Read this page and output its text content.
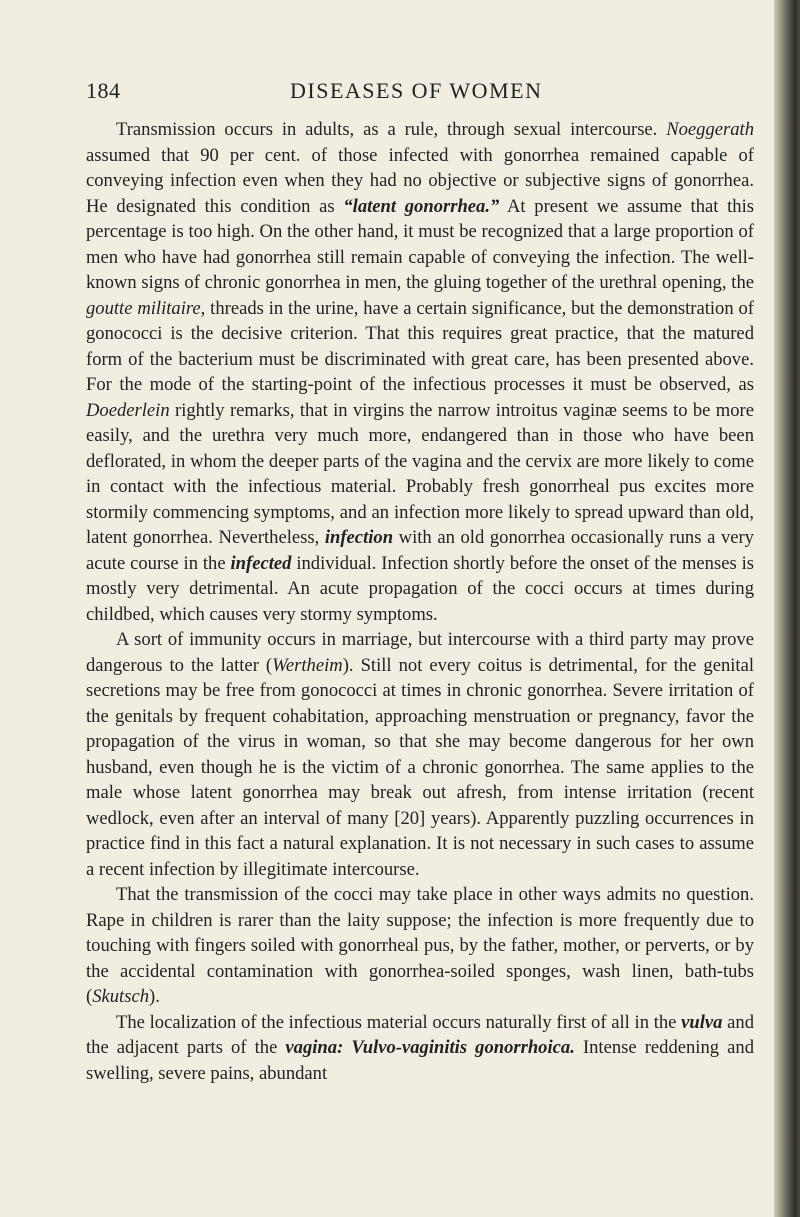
184	DISEASES OF WOMEN

Transmission occurs in adults, as a rule, through sexual intercourse. Noeggerath assumed that 90 per cent. of those infected with gonorrhea remained capable of conveying infection even when they had no objective or subjective signs of gonorrhea. He designated this condition as “latent gonorrhea.” At present we assume that this percentage is too high. On the other hand, it must be recognized that a large proportion of men who have had gonorrhea still remain capable of conveying the infection. The well-known signs of chronic gonorrhea in men, the gluing together of the urethral opening, the goutte militaire, threads in the urine, have a certain significance, but the demonstration of gonococci is the decisive criterion. That this requires great practice, that the matured form of the bacterium must be discriminated with great care, has been presented above. For the mode of the starting-point of the infectious processes it must be observed, as Doederlein rightly remarks, that in virgins the narrow introitus vaginæ seems to be more easily, and the urethra very much more, endangered than in those who have been deflorated, in whom the deeper parts of the vagina and the cervix are more likely to come in contact with the infectious material. Probably fresh gonorrheal pus excites more stormily commencing symptoms, and an infection more likely to spread upward than old, latent gonorrhea. Nevertheless, infection with an old gonorrhea occasionally runs a very acute course in the infected individual. Infection shortly before the onset of the menses is mostly very detrimental. An acute propagation of the cocci occurs at times during childbed, which causes very stormy symptoms.

A sort of immunity occurs in marriage, but intercourse with a third party may prove dangerous to the latter (Wertheim). Still not every coitus is detrimental, for the genital secretions may be free from gonococci at times in chronic gonorrhea. Severe irritation of the genitals by frequent cohabitation, approaching menstruation or pregnancy, favor the propagation of the virus in woman, so that she may become dangerous for her own husband, even though he is the victim of a chronic gonorrhea. The same applies to the male whose latent gonorrhea may break out afresh, from intense irritation (recent wedlock, even after an interval of many [20] years). Apparently puzzling occurrences in practice find in this fact a natural explanation. It is not necessary in such cases to assume a recent infection by illegitimate intercourse.

That the transmission of the cocci may take place in other ways admits no question. Rape in children is rarer than the laity suppose; the infection is more frequently due to touching with fingers soiled with gonorrheal pus, by the father, mother, or perverts, or by the accidental contamination with gonorrhea-soiled sponges, wash linen, bath-tubs (Skutsch).

The localization of the infectious material occurs naturally first of all in the vulva and the adjacent parts of the vagina: Vulvo-vaginitis gonorrhoica. Intense reddening and swelling, severe pains, abundant
